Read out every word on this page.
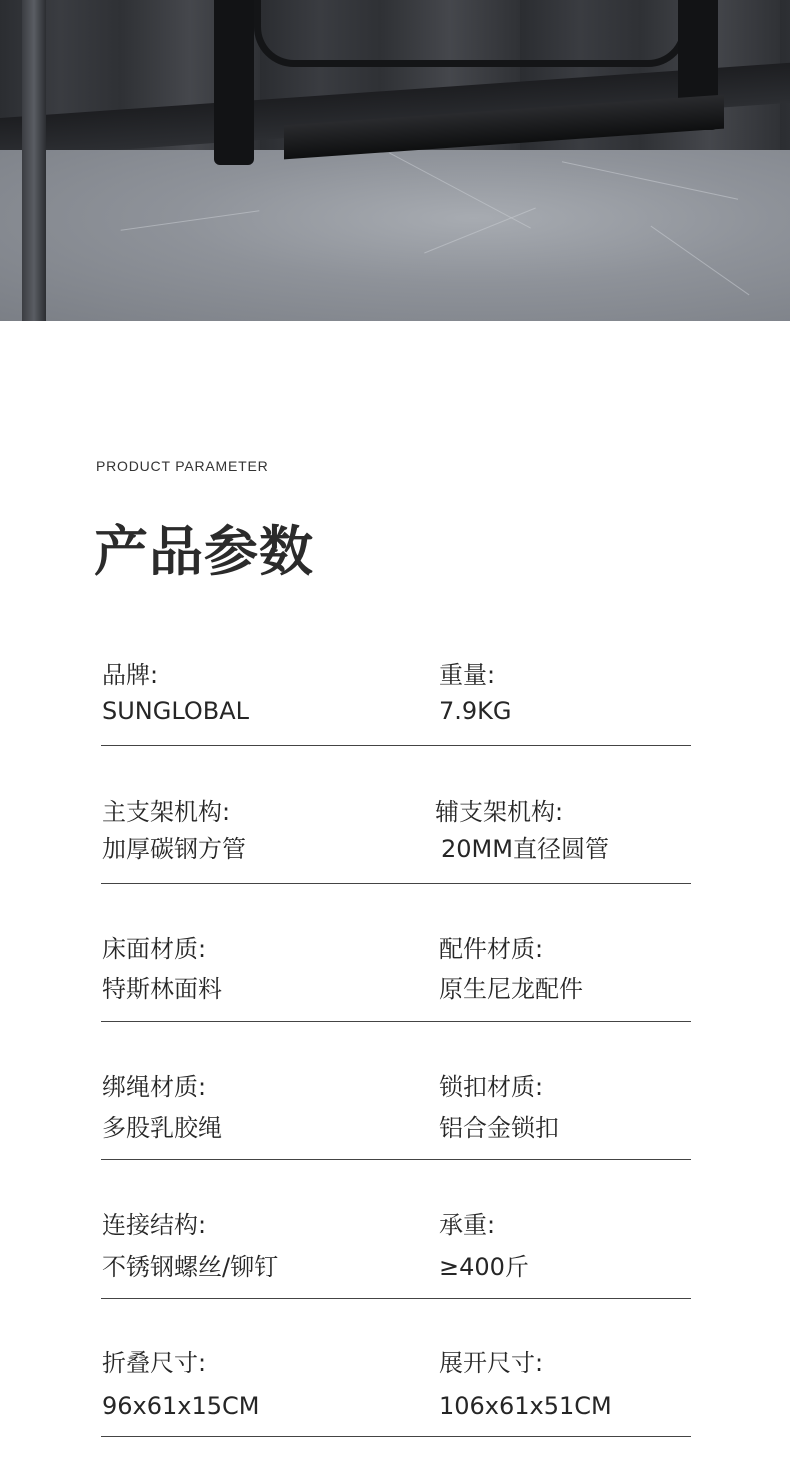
PRODUCT PARAMETER
产品参数
品牌:
SUNGLOBAL
重量:
7.9KG
主支架机构:
加厚碳钢方管
辅支架机构:
20MM直径圆管
床面材质:
特斯林面料
配件材质:
原生尼龙配件
绑绳材质:
多股乳胶绳
锁扣材质:
铝合金锁扣
连接结构:
不锈钢螺丝/铆钉
承重:
≥400斤
折叠尺寸:
96x61x15CM
展开尺寸:
106x61x51CM
